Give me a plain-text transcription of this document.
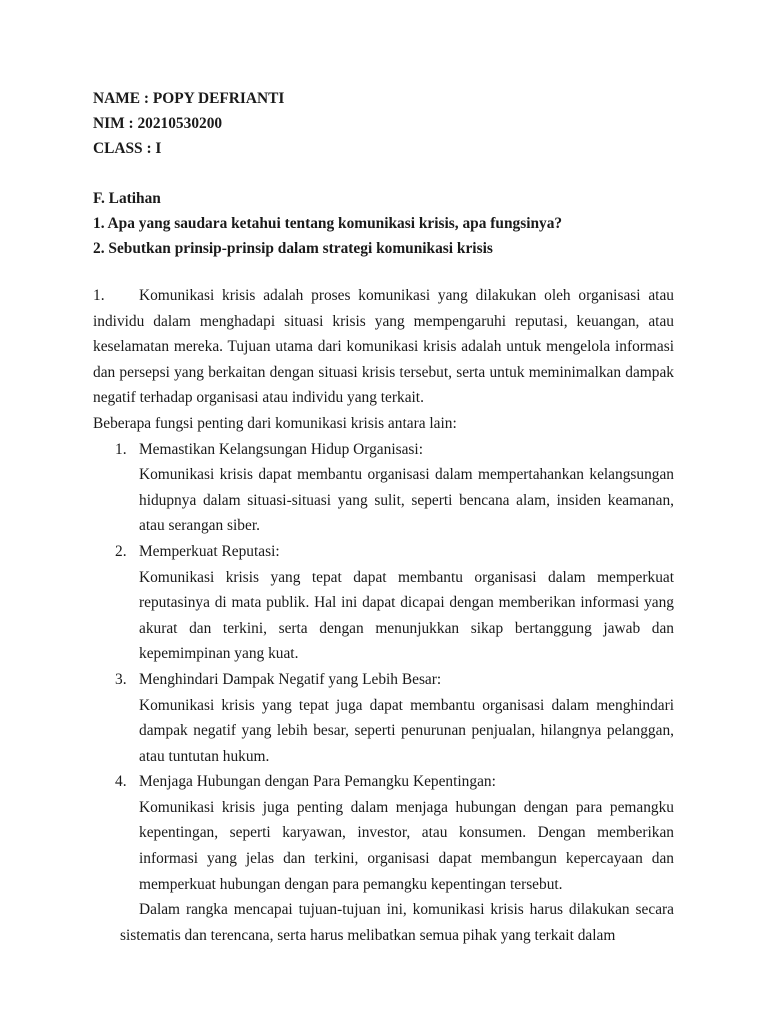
NAME : POPY DEFRIANTI
NIM : 20210530200
CLASS : I
F. Latihan
1. Apa yang saudara ketahui tentang komunikasi krisis, apa fungsinya?
2. Sebutkan prinsip-prinsip dalam strategi komunikasi krisis

1. Komunikasi krisis adalah proses komunikasi yang dilakukan oleh organisasi atau individu dalam menghadapi situasi krisis yang mempengaruhi reputasi, keuangan, atau keselamatan mereka. Tujuan utama dari komunikasi krisis adalah untuk mengelola informasi dan persepsi yang berkaitan dengan situasi krisis tersebut, serta untuk meminimalkan dampak negatif terhadap organisasi atau individu yang terkait.

Beberapa fungsi penting dari komunikasi krisis antara lain:

1. Memastikan Kelangsungan Hidup Organisasi:

Komunikasi krisis dapat membantu organisasi dalam mempertahankan kelangsungan hidupnya dalam situasi-situasi yang sulit, seperti bencana alam, insiden keamanan, atau serangan siber.

2. Memperkuat Reputasi:

Komunikasi krisis yang tepat dapat membantu organisasi dalam memperkuat reputasinya di mata publik. Hal ini dapat dicapai dengan memberikan informasi yang akurat dan terkini, serta dengan menunjukkan sikap bertanggung jawab dan kepemimpinan yang kuat.

3. Menghindari Dampak Negatif yang Lebih Besar:

Komunikasi krisis yang tepat juga dapat membantu organisasi dalam menghindari dampak negatif yang lebih besar, seperti penurunan penjualan, hilangnya pelanggan, atau tuntutan hukum.

4. Menjaga Hubungan dengan Para Pemangku Kepentingan:

Komunikasi krisis juga penting dalam menjaga hubungan dengan para pemangku kepentingan, seperti karyawan, investor, atau konsumen. Dengan memberikan informasi yang jelas dan terkini, organisasi dapat membangun kepercayaan dan memperkuat hubungan dengan para pemangku kepentingan tersebut.

Dalam rangka mencapai tujuan-tujuan ini, komunikasi krisis harus dilakukan secara sistematis dan terencana, serta harus melibatkan semua pihak yang terkait dalam
